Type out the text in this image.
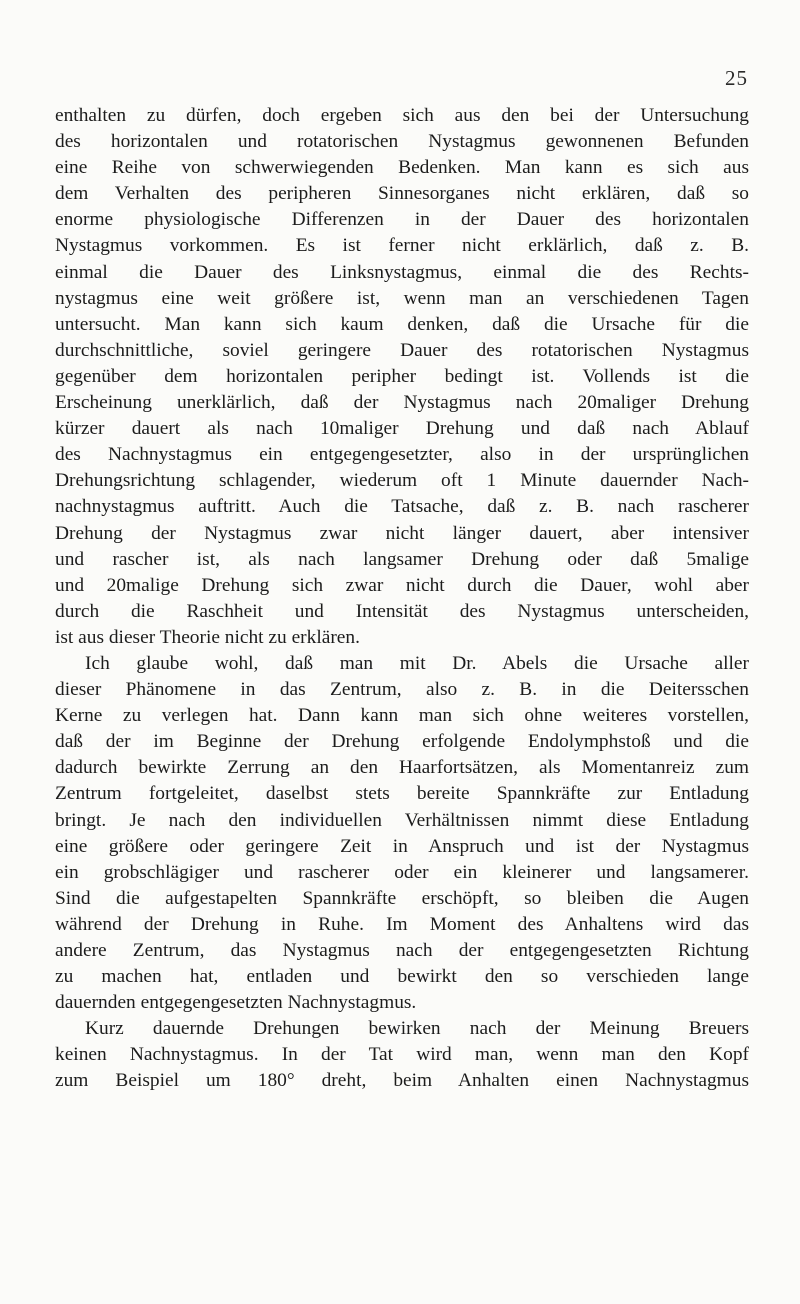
25
enthalten zu dürfen, doch ergeben sich aus den bei der Untersuchung
des horizontalen und rotatorischen Nystagmus gewonnenen Befunden
eine Reihe von schwerwiegenden Bedenken. Man kann es sich aus
dem Verhalten des peripheren Sinnesorganes nicht erklären, daß so
enorme physiologische Differenzen in der Dauer des horizontalen
Nystagmus vorkommen. Es ist ferner nicht erklärlich, daß z. B.
einmal die Dauer des Linksnystagmus, einmal die des Rechts-
nystagmus eine weit größere ist, wenn man an verschiedenen Tagen
untersucht. Man kann sich kaum denken, daß die Ursache für die
durchschnittliche, soviel geringere Dauer des rotatorischen Nystagmus
gegenüber dem horizontalen peripher bedingt ist. Vollends ist die
Erscheinung unerklärlich, daß der Nystagmus nach 20maliger Drehung
kürzer dauert als nach 10maliger Drehung und daß nach Ablauf
des Nachnystagmus ein entgegengesetzter, also in der ursprünglichen
Drehungsrichtung schlagender, wiederum oft 1 Minute dauernder Nach-
nachnystagmus auftritt. Auch die Tatsache, daß z. B. nach rascherer
Drehung der Nystagmus zwar nicht länger dauert, aber intensiver
und rascher ist, als nach langsamer Drehung oder daß 5malige
und 20malige Drehung sich zwar nicht durch die Dauer, wohl aber
durch die Raschheit und Intensität des Nystagmus unterscheiden,
ist aus dieser Theorie nicht zu erklären.
Ich glaube wohl, daß man mit Dr. Abels die Ursache aller
dieser Phänomene in das Zentrum, also z. B. in die Deitersschen
Kerne zu verlegen hat. Dann kann man sich ohne weiteres vorstellen,
daß der im Beginne der Drehung erfolgende Endolymphstoß und die
dadurch bewirkte Zerrung an den Haarfortsätzen, als Momentanreiz zum
Zentrum fortgeleitet, daselbst stets bereite Spannkräfte zur Entladung
bringt. Je nach den individuellen Verhältnissen nimmt diese Entladung
eine größere oder geringere Zeit in Anspruch und ist der Nystagmus
ein grobschlägiger und rascherer oder ein kleinerer und langsamerer.
Sind die aufgestapelten Spannkräfte erschöpft, so bleiben die Augen
während der Drehung in Ruhe. Im Moment des Anhaltens wird das
andere Zentrum, das Nystagmus nach der entgegengesetzten Richtung
zu machen hat, entladen und bewirkt den so verschieden lange
dauernden entgegengesetzten Nachnystagmus.
Kurz dauernde Drehungen bewirken nach der Meinung Breuers
keinen Nachnystagmus. In der Tat wird man, wenn man den Kopf
zum Beispiel um 180° dreht, beim Anhalten einen Nachnystagmus
